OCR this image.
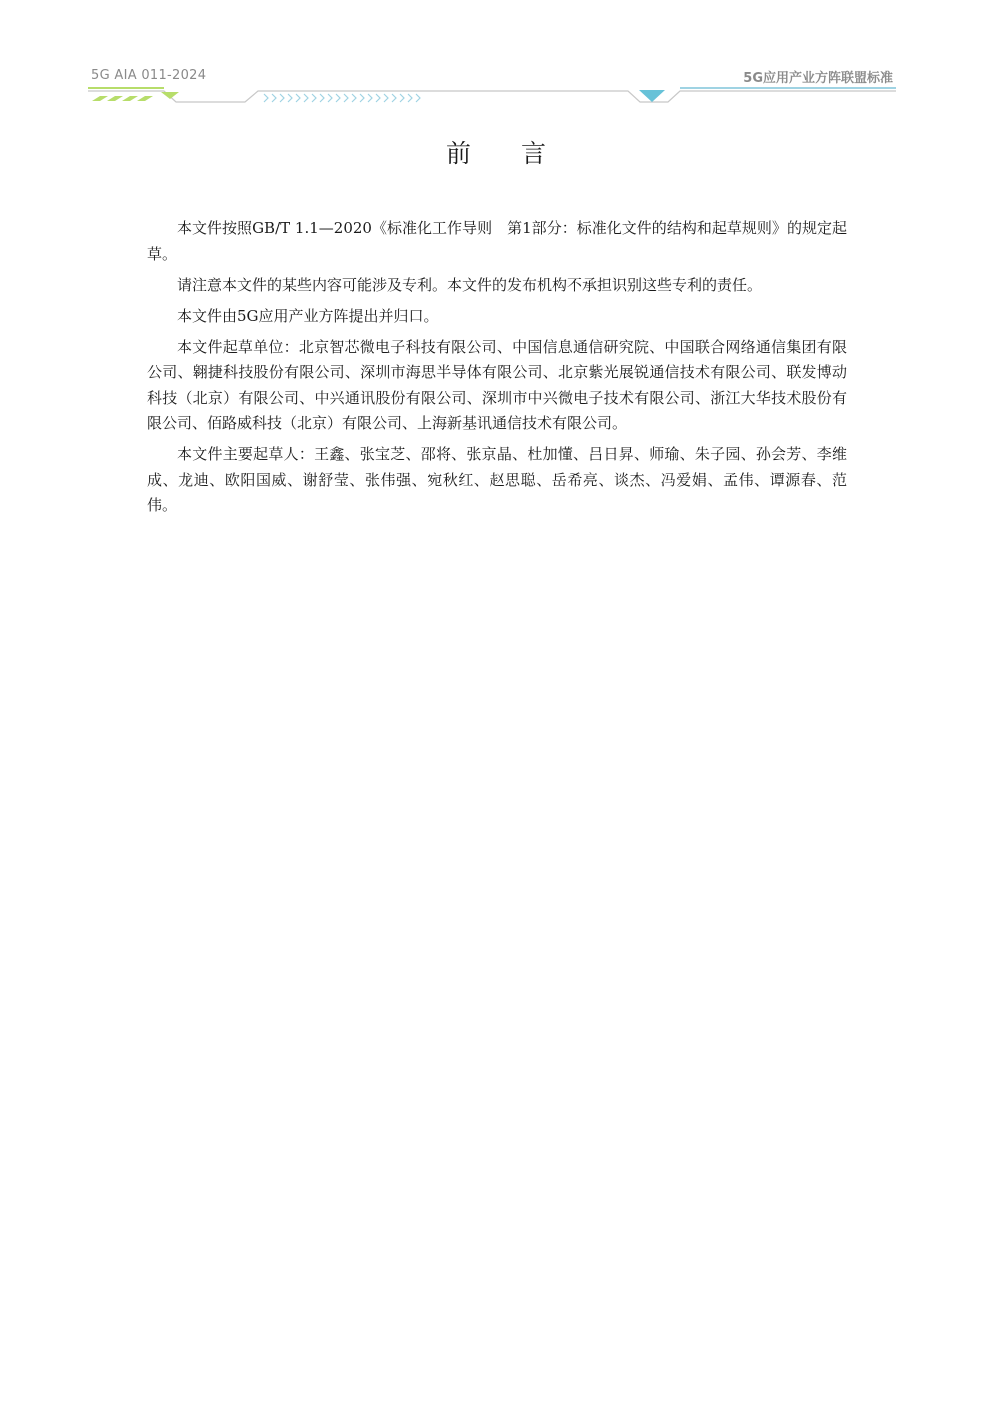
5G AIA 011-2024	5G应用产业方阵联盟标准
前言

本文件按照GB/T 1.1—2020《标准化工作导则　第1部分：标准化文件的结构和起草规则》的规定起草。

请注意本文件的某些内容可能涉及专利。本文件的发布机构不承担识别这些专利的责任。

本文件由5G应用产业方阵提出并归口。

本文件起草单位：北京智芯微电子科技有限公司、中国信息通信研究院、中国联合网络通信集团有限公司、翱捷科技股份有限公司、深圳市海思半导体有限公司、北京紫光展锐通信技术有限公司、联发博动科技（北京）有限公司、中兴通讯股份有限公司、深圳市中兴微电子技术有限公司、浙江大华技术股份有限公司、佰路威科技（北京）有限公司、上海新基讯通信技术有限公司。

本文件主要起草人：王鑫、张宝芝、邵将、张京晶、杜加懂、吕日昇、师瑜、朱子园、孙会芳、李维成、龙迪、欧阳国威、谢舒莹、张伟强、宛秋红、赵思聪、岳希亮、谈杰、冯爱娟、孟伟、谭源春、范伟。
